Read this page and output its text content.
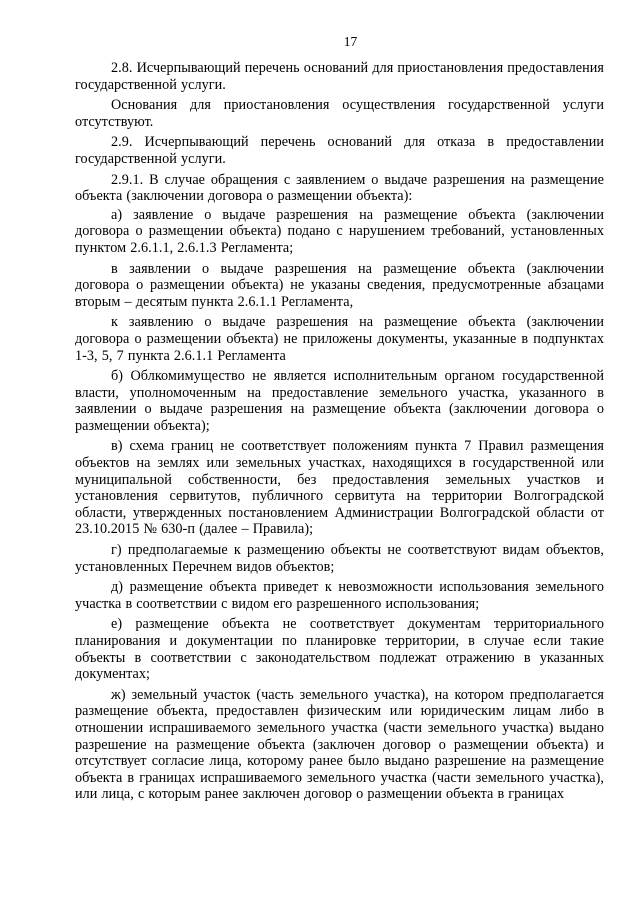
17

2.8. Исчерпывающий перечень оснований для приостановления предоставления государственной услуги.

Основания для приостановления осуществления государственной услуги отсутствуют.

2.9. Исчерпывающий перечень оснований для отказа в предоставлении государственной услуги.

2.9.1. В случае обращения с заявлением о выдаче разрешения на размещение объекта (заключении договора о размещении объекта):

а) заявление о выдаче разрешения на размещение объекта (заключении договора о размещении объекта) подано с нарушением требований, установленных пунктом 2.6.1.1, 2.6.1.3 Регламента;

в заявлении о выдаче разрешения на размещение объекта (заключении договора о размещении объекта) не указаны сведения, предусмотренные абзацами вторым – десятым пункта 2.6.1.1 Регламента,

к заявлению о выдаче разрешения на размещение объекта (заключении договора о размещении объекта) не приложены документы, указанные в подпунктах 1-3, 5, 7 пункта 2.6.1.1 Регламента

б) Облкомимущество не является исполнительным органом государственной власти, уполномоченным на предоставление земельного участка, указанного в заявлении о выдаче разрешения на размещение объекта (заключении договора о размещении объекта);

в) схема границ не соответствует положениям пункта 7 Правил размещения объектов на землях или земельных участках, находящихся в государственной или муниципальной собственности, без предоставления земельных участков и установления сервитутов, публичного сервитута на территории Волгоградской области, утвержденных постановлением Администрации Волгоградской области от 23.10.2015 № 630-п (далее – Правила);

г) предполагаемые к размещению объекты не соответствуют видам объектов, установленных Перечнем видов объектов;

д) размещение объекта приведет к невозможности использования земельного участка в соответствии с видом его разрешенного использования;

е) размещение объекта не соответствует документам территориального планирования и документации по планировке территории, в случае если такие объекты в соответствии с законодательством подлежат отражению в указанных документах;

ж) земельный участок (часть земельного участка), на котором предполагается размещение объекта, предоставлен физическим или юридическим лицам либо в отношении испрашиваемого земельного участка (части земельного участка) выдано разрешение на размещение объекта (заключен договор о размещении объекта) и отсутствует согласие лица, которому ранее было выдано разрешение на размещение объекта в границах испрашиваемого земельного участка (части земельного участка), или лица, с которым ранее заключен договор о размещении объекта в границах
